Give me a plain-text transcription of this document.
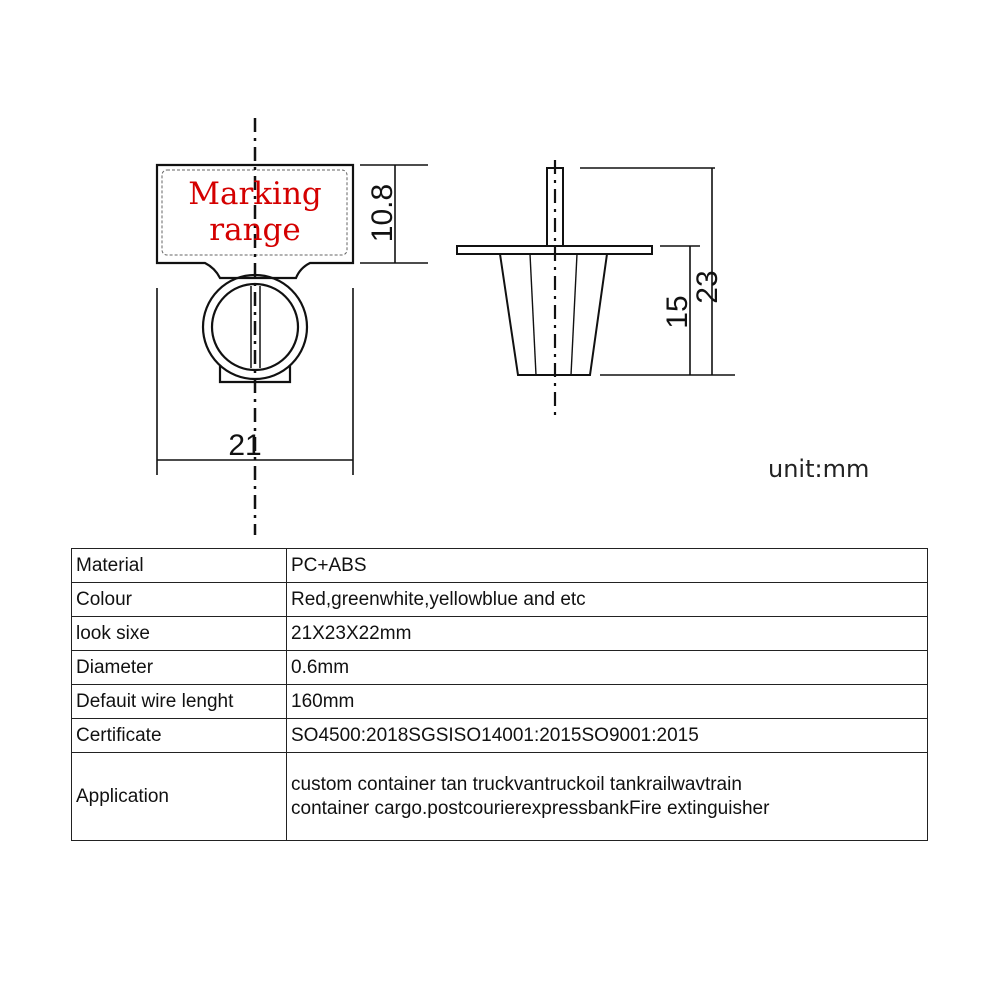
Marking
range
21
10.8
15
23
unit:mm
Material	PC+ABS
Colour	Red,greenwhite,yellowblue and etc
look sixe	21X23X22mm
Diameter	0.6mm
Defauit wire lenght	160mm
Certificate	SO4500:2018SGSISO14001:2015SO9001:2015
Application	custom container tan truckvantruckoil tankrailwavtrain
container cargo.postcourierexpressbankFire extinguisher
